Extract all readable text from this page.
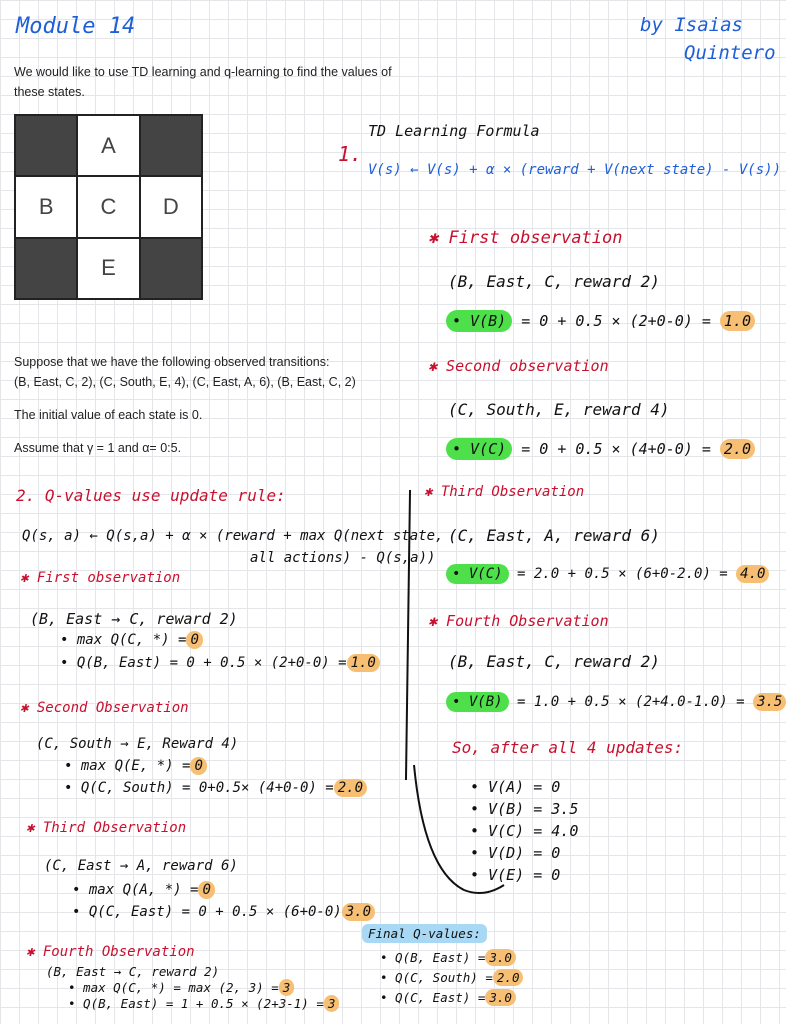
Module 14	by Isaias
Quintero
We would like to use TD learning and q-learning to find the values of these states.
A
B	C	D
E
Suppose that we have the following observed transitions:
(B, East, C, 2), (C, South, E, 4), (C, East, A, 6), (B, East, C, 2)
The initial value of each state is 0.
Assume that γ = 1 and α= 0:5.
1.
TD Learning Formula
V(s) ← V(s) + α × (reward + V(next state) - V(s))
✱ First observation
(B, East, C, reward 2)
• V(B) = 0 + 0.5 × (2+0-0) = 1.0
✱ Second observation
(C, South, E, reward 4)
• V(C) = 0 + 0.5 × (4+0-0) = 2.0
✱ Third Observation
(C, East, A, reward 6)
• V(C) = 2.0 + 0.5 × (6+0-2.0) = 4.0
✱ Fourth Observation
(B, East, C, reward 2)
• V(B) = 1.0 + 0.5 × (2+4.0-1.0) = 3.5
So, after all 4 updates:
• V(A) = 0
• V(B) = 3.5
• V(C) = 4.0
• V(D) = 0
• V(E) = 0
2. Q-values use update rule:
Q(s, a) ← Q(s,a) + α × (reward + max Q(next state,
all actions) - Q(s,a))
✱ First observation
(B, East → C, reward 2)
• max Q(C, *) = 0
• Q(B, East) = 0 + 0.5 × (2+0-0) = 1.0
✱ Second Observation
(C, South → E, Reward 4)
• max Q(E, *) = 0
• Q(C, South) = 0+0.5× (4+0-0) = 2.0
✱ Third Observation
(C, East → A, reward 6)
• max Q(A, *) = 0
• Q(C, East) = 0 + 0.5 × (6+0-0) 3.0
✱ Fourth Observation
(B, East → C, reward 2)
• max Q(C, *) = max (2, 3) = 3
• Q(B, East) = 1 + 0.5 × (2+3-1) = 3
Final Q-values:
• Q(B, East) = 3.0
• Q(C, South) = 2.0
• Q(C, East) = 3.0
